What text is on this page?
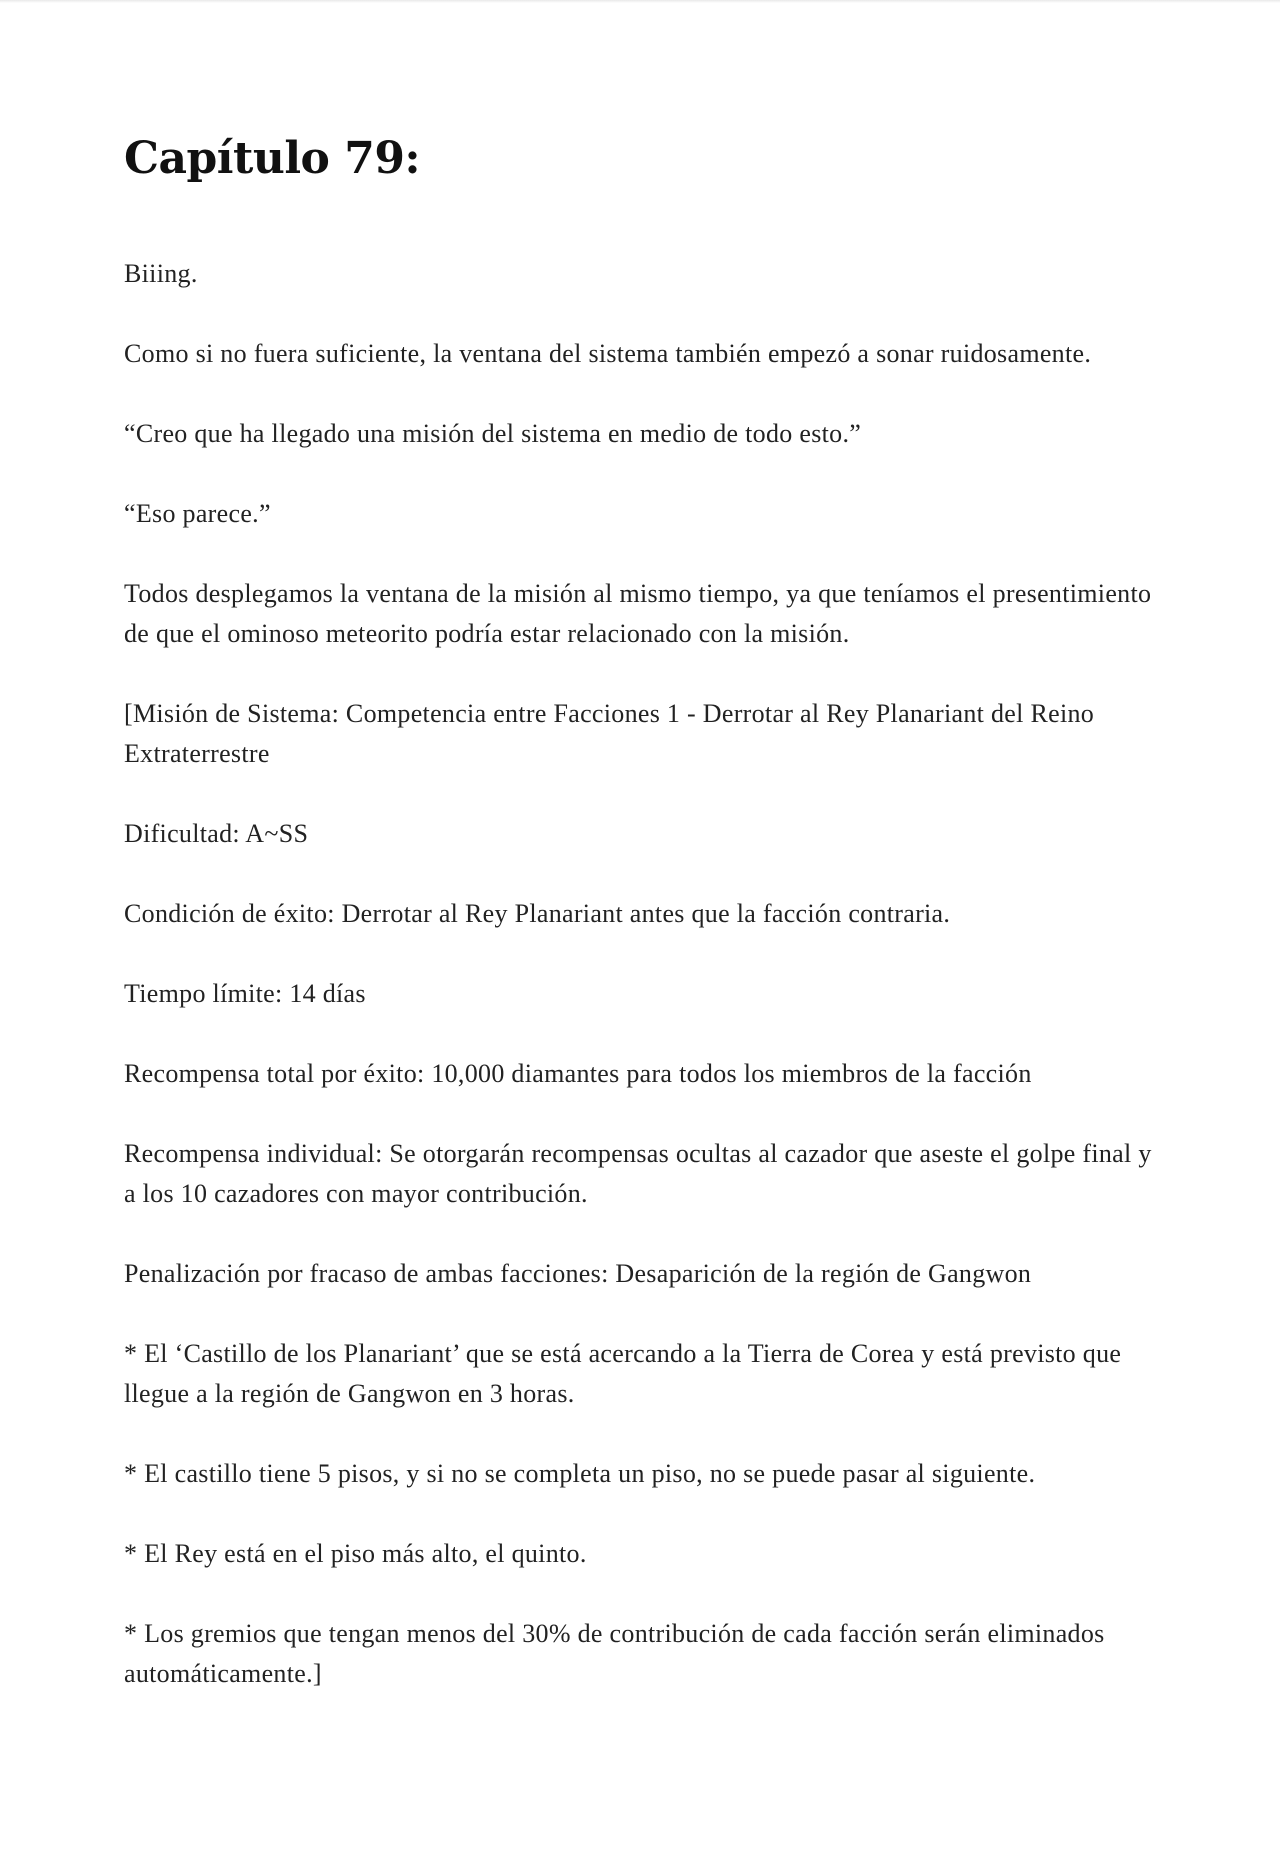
Capítulo 79:

Biiing.

Como si no fuera suficiente, la ventana del sistema también empezó a sonar ruidosamente.

“Creo que ha llegado una misión del sistema en medio de todo esto.”

“Eso parece.”

Todos desplegamos la ventana de la misión al mismo tiempo, ya que teníamos el presentimiento de que el ominoso meteorito podría estar relacionado con la misión.

[Misión de Sistema: Competencia entre Facciones 1 - Derrotar al Rey Planariant del Reino Extraterrestre

Dificultad: A~SS

Condición de éxito: Derrotar al Rey Planariant antes que la facción contraria.

Tiempo límite: 14 días

Recompensa total por éxito: 10,000 diamantes para todos los miembros de la facción

Recompensa individual: Se otorgarán recompensas ocultas al cazador que aseste el golpe final y a los 10 cazadores con mayor contribución.

Penalización por fracaso de ambas facciones: Desaparición de la región de Gangwon

* El ‘Castillo de los Planariant’ que se está acercando a la Tierra de Corea y está previsto que llegue a la región de Gangwon en 3 horas.

* El castillo tiene 5 pisos, y si no se completa un piso, no se puede pasar al siguiente.

* El Rey está en el piso más alto, el quinto.

* Los gremios que tengan menos del 30% de contribución de cada facción serán eliminados automáticamente.]
